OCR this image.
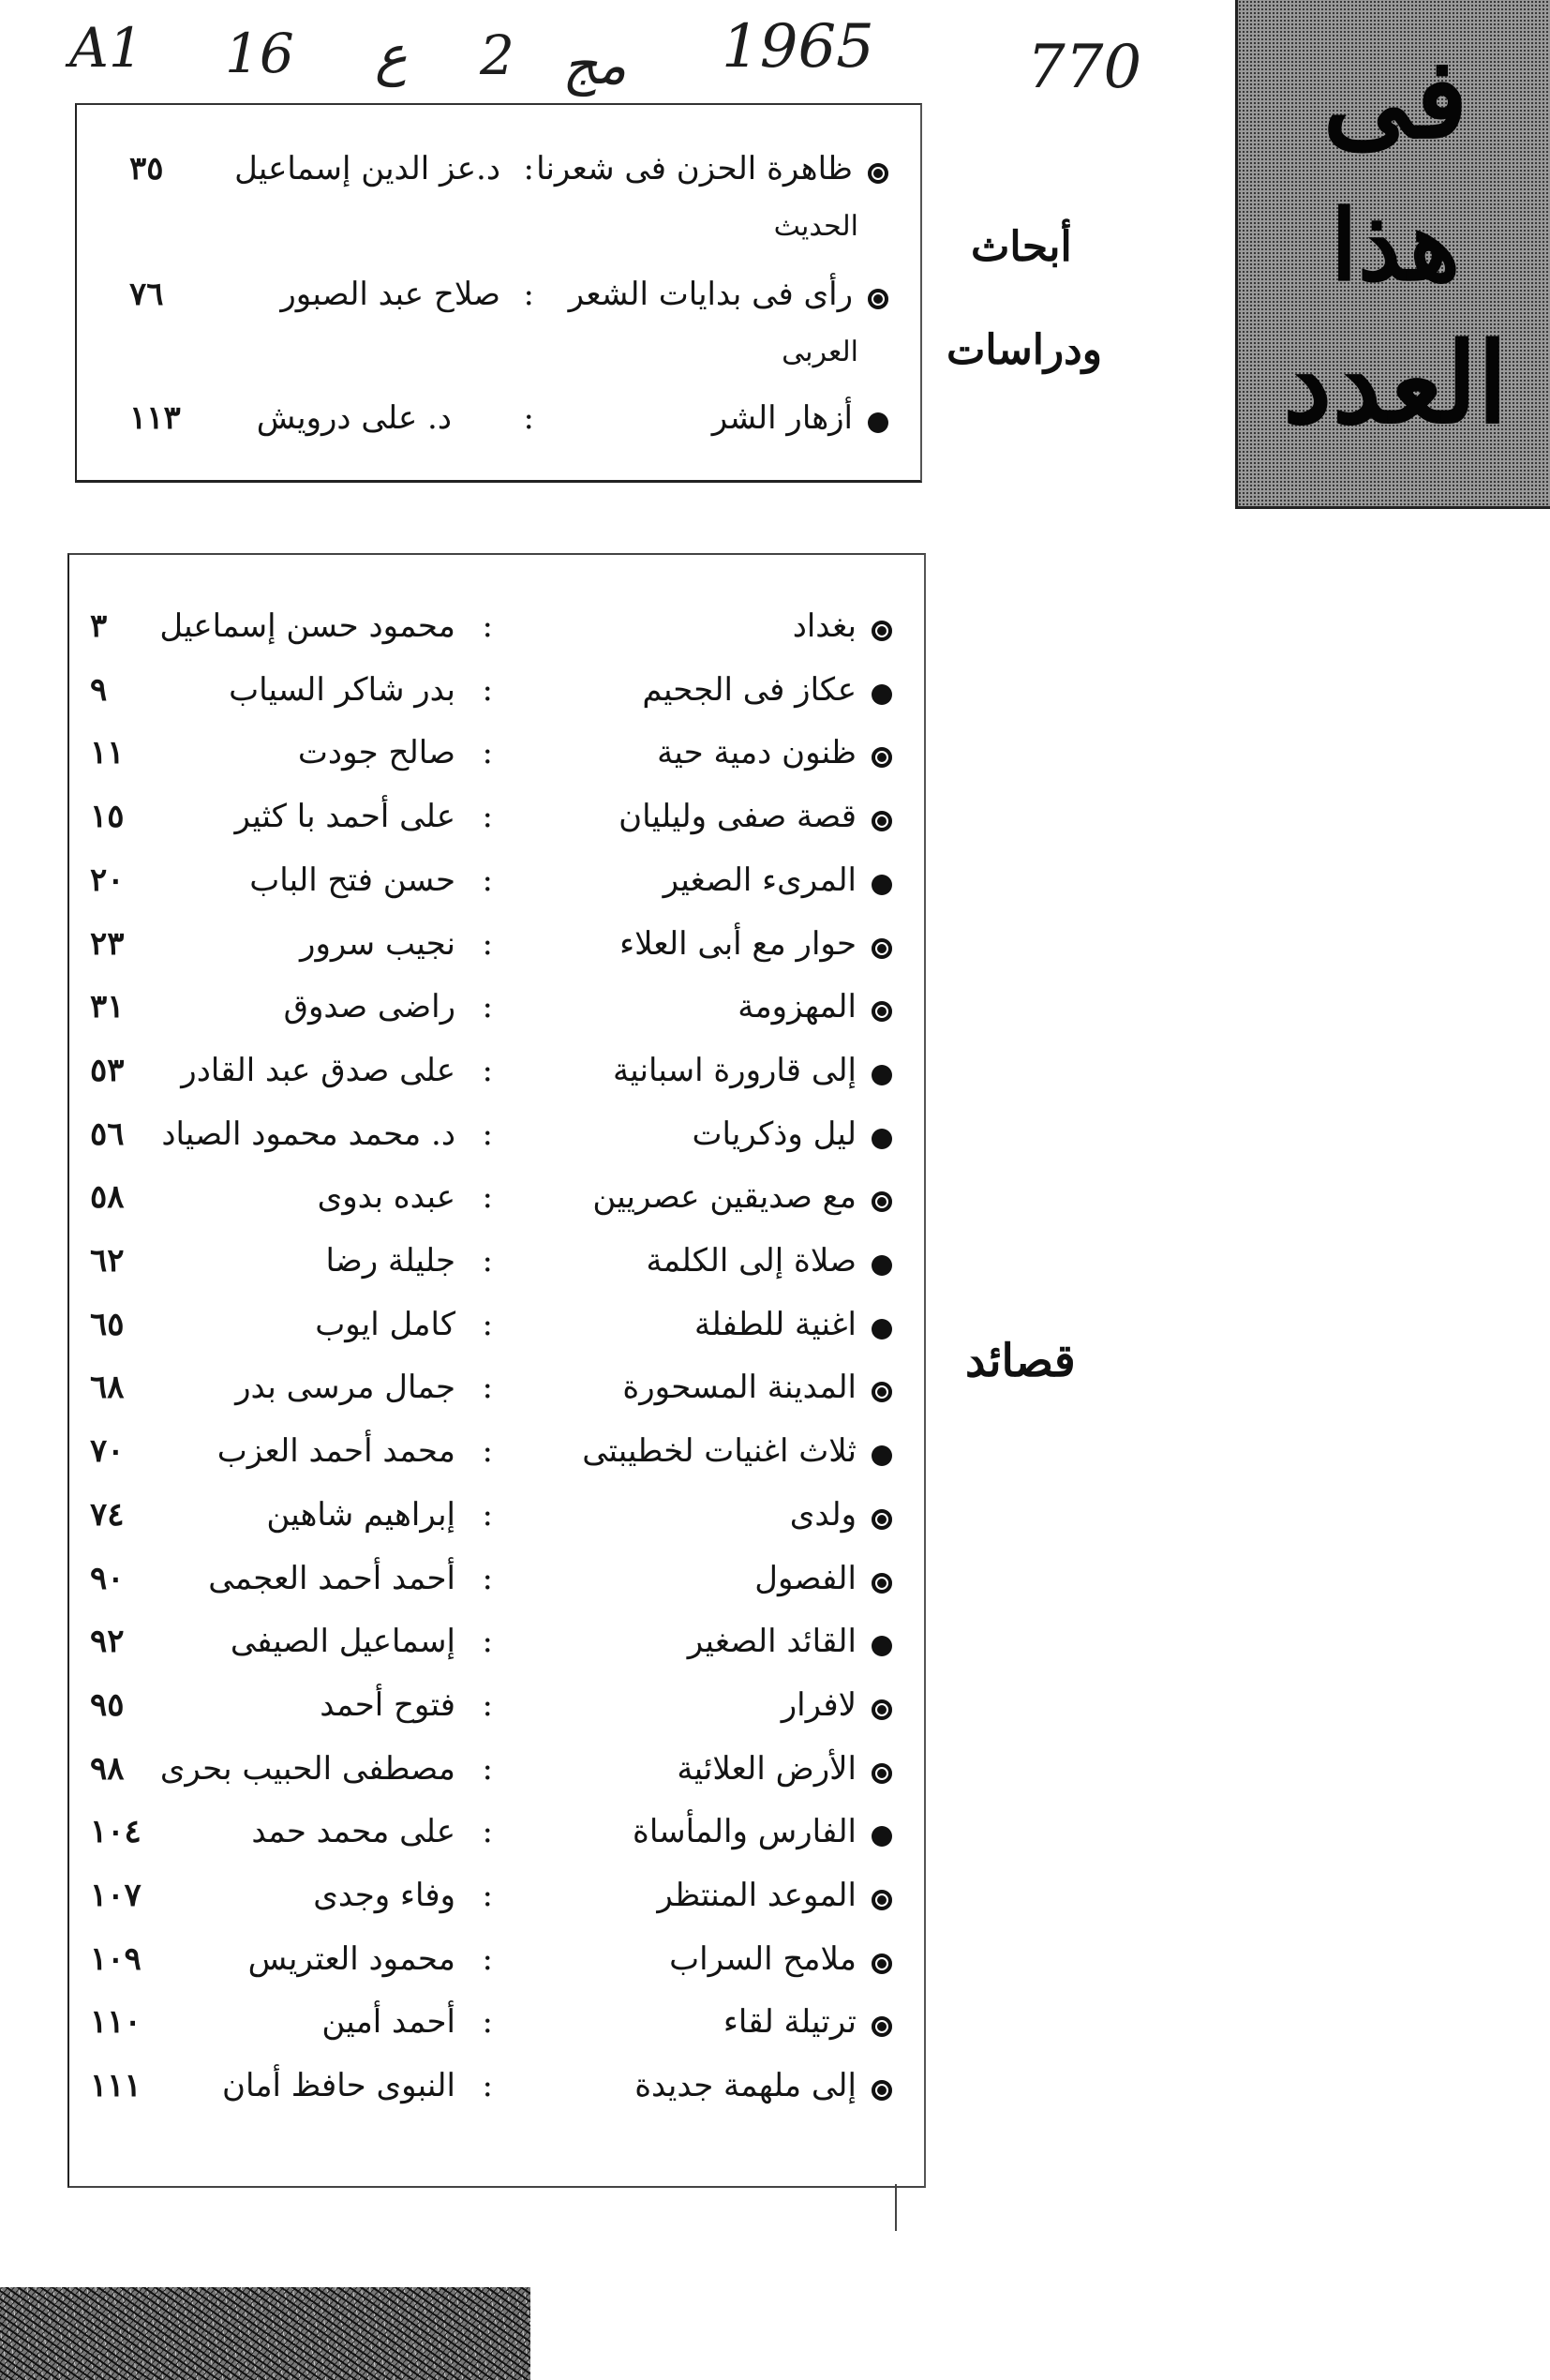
A1 16 ع 2 مج 1965	770	فى
هذا
العدد
أبحاث
ودراسات
ظاهرة الحزن فى شعرنا
:
د.عز الدين إسماعيل
٣٥
الحديث
رأى فى بدايات الشعر
:
صلاح عبد الصبور
٧٦
العربى
أزهار الشر
:
د. على درويش
١١٣
قصائد
بغداد
:
محمود حسن إسماعيل
٣
عكاز فى الجحيم
:
بدر شاكر السياب
٩
ظنون دمية حية
:
صالح جودت
١١
قصة صفى وليليان
:
على أحمد با كثير
١٥
المرىء الصغير
:
حسن فتح الباب
٢٠
حوار مع أبى العلاء
:
نجيب سرور
٢٣
المهزومة
:
راضى صدوق
٣١
إلى قارورة اسبانية
:
على صدق عبد القادر
٥٣
ليل وذكريات
:
د. محمد محمود الصياد
٥٦
مع صديقين عصريين
:
عبده بدوى
٥٨
صلاة إلى الكلمة
:
جليلة رضا
٦٢
اغنية للطفلة
:
كامل ايوب
٦٥
المدينة المسحورة
:
جمال مرسى بدر
٦٨
ثلاث اغنيات لخطيبتى
:
محمد أحمد العزب
٧٠
ولدى
:
إبراهيم شاهين
٧٤
الفصول
:
أحمد أحمد العجمى
٩٠
القائد الصغير
:
إسماعيل الصيفى
٩٢
لافرار
:
فتوح أحمد
٩٥
الأرض العلائية
:
مصطفى الحبيب بحرى
٩٨
الفارس والمأساة
:
على محمد حمد
١٠٤
الموعد المنتظر
:
وفاء وجدى
١٠٧
ملامح السراب
:
محمود العتريس
١٠٩
ترتيلة لقاء
:
أحمد أمين
١١٠
إلى ملهمة جديدة
:
النبوى حافظ أمان
١١١
